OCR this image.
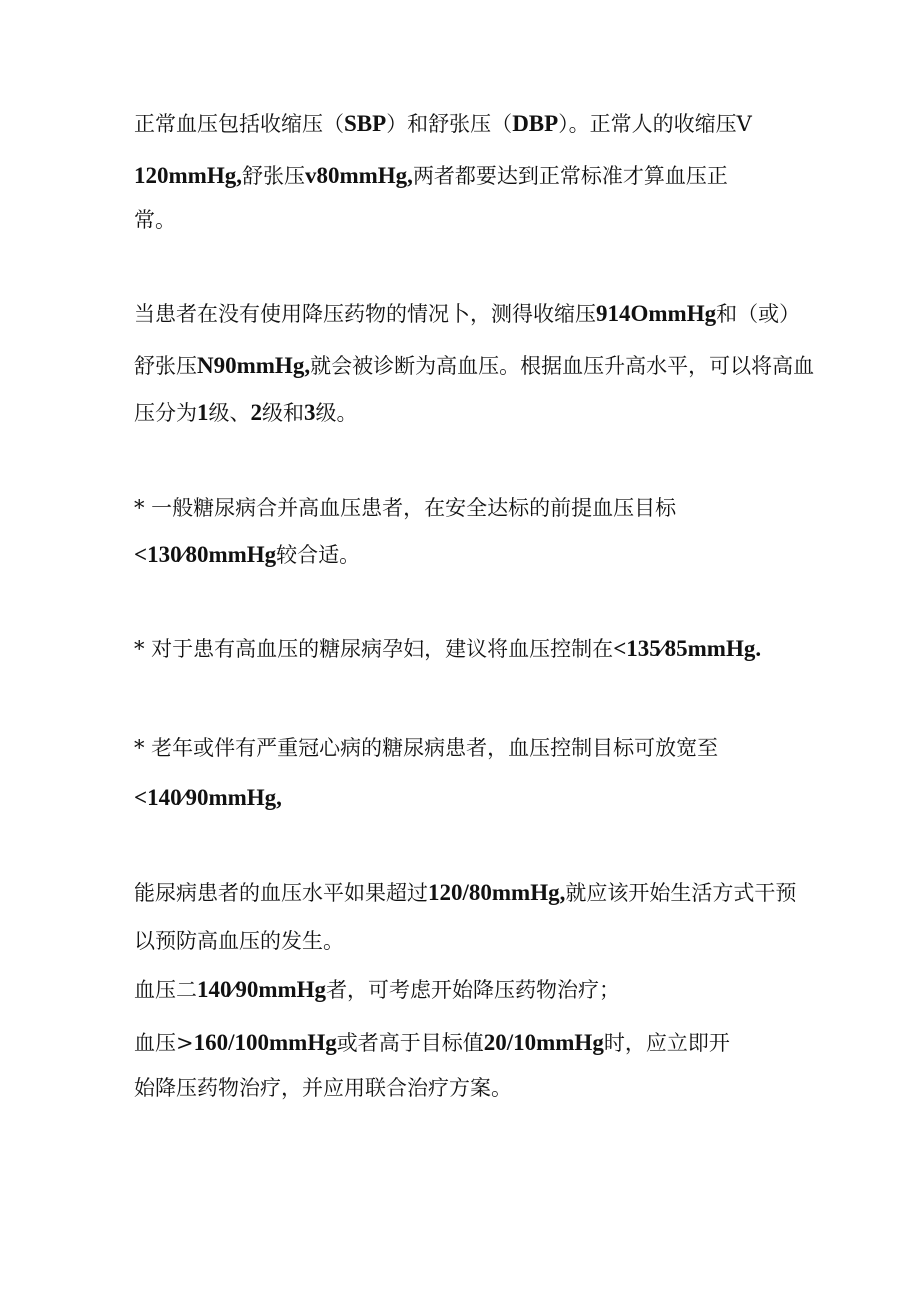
正常血压包括收缩压（SBP）和舒张压（DBP）。正常人的收缩压V
120mmHg,舒张压v80mmHg,两者都要达到正常标准才算血压正
常。
当患者在没有使用降压药物的情况卜，测得收缩压914OmmHg和（或）
舒张压N90mmHg,就会被诊断为高血压。根据血压升高水平，可以将高血
压分为1级、2级和3级。
* 一般糖尿病合并高血压患者，在安全达标的前提血压目标
<130⁄80mmHg较合适。
* 对于患有高血压的糖尿病孕妇，建议将血压控制在<135⁄85mmHg.
* 老年或伴有严重冠心病的糖尿病患者，血压控制目标可放宽至
<140⁄90mmHg,
能尿病患者的血压水平如果超过120/80mmHg,就应该开始生活方式干预
以预防高血压的发生。
血压二140⁄90mmHg者，可考虑开始降压药物治疗；
血压>160/100mmHg或者高于目标值20/10mmHg时，应立即开
始降压药物治疗，并应用联合治疗方案。
